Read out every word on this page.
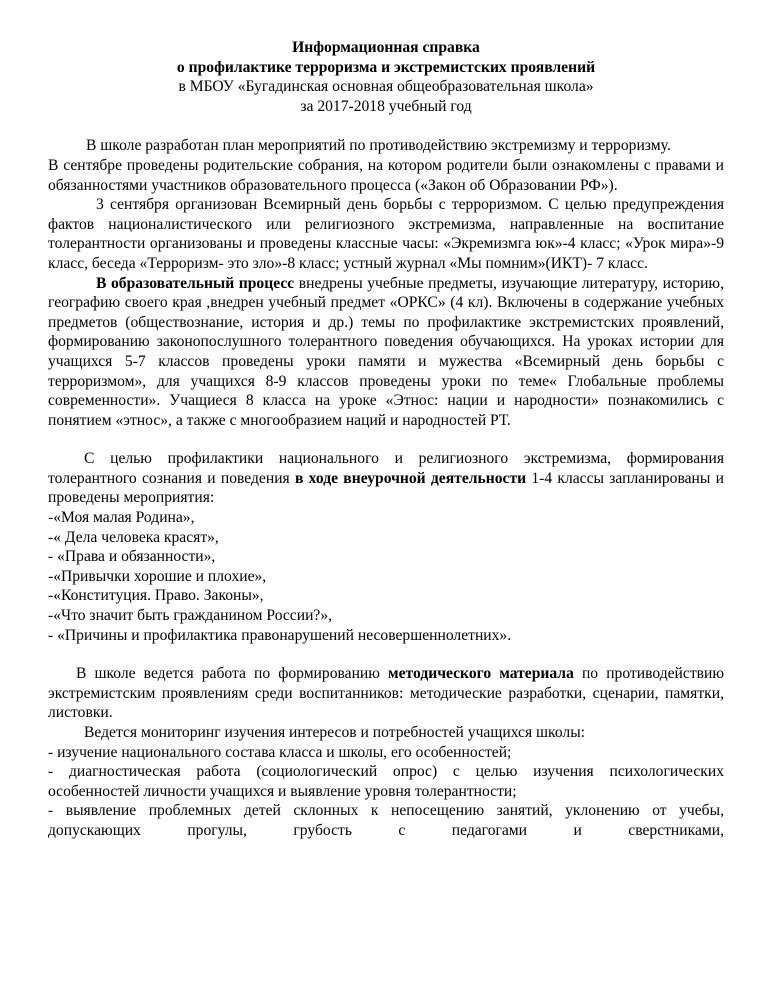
Информационная справка
о профилактике терроризма и экстремистских проявлений
в МБОУ «Бугадинская основная общеобразовательная школа»
за 2017-2018 учебный год

В школе разработан план мероприятий по противодействию экстремизму и терроризму.

В сентябре проведены родительские собрания, на котором родители были ознакомлены с правами и обязанностями участников образовательного процесса («Закон об Образовании РФ»).

3 сентября организован Всемирный день борьбы с терроризмом. С целью предупреждения фактов националистического или религиозного экстремизма, направленные на воспитание толерантности организованы и проведены классные часы: «Экремизмга юк»-4 класс; «Урок мира»-9 класс, беседа «Терроризм- это зло»-8 класс; устный журнал «Мы помним»(ИКТ)- 7 класс.

В образовательный процесс внедрены учебные предметы, изучающие литературу, историю, географию своего края ,внедрен учебный предмет «ОРКС» (4 кл). Включены в содержание учебных предметов (обществознание, история и др.) темы по профилактике экстремистских проявлений, формированию законопослушного толерантного поведения обучающихся. На уроках истории для учащихся 5-7 классов проведены уроки памяти и мужества «Всемирный день борьбы с терроризмом», для учащихся 8-9 классов проведены уроки по теме« Глобальные проблемы современности». Учащиеся 8 класса на уроке «Этнос: нации и народности» познакомились с понятием «этнос», а также с многообразием наций и народностей РТ.

С целью профилактики национального и религиозного экстремизма, формирования толерантного сознания и поведения в ходе внеурочной деятельности 1-4 классы запланированы и проведены мероприятия:

-«Моя малая Родина»,
-« Дела человека красят»,
- «Права и обязанности»,
-«Привычки хорошие и плохие»,
-«Конституция. Право. Законы»,
-«Что значит быть гражданином России?»,
- «Причины и профилактика правонарушений несовершеннолетних».

В школе ведется работа по формированию методического материала по противодействию экстремистским проявлениям среди воспитанников: методические разработки, сценарии, памятки, листовки.

Ведется мониторинг изучения интересов и потребностей учащихся школы:

- изучение национального состава класса и школы, его особенностей;

- диагностическая работа (социологический опрос) с целью изучения психологических особенностей личности учащихся и выявление уровня толерантности;

- выявление проблемных детей склонных к непосещению занятий, уклонению от учебы, допускающих прогулы, грубость с педагогами и сверстниками,
